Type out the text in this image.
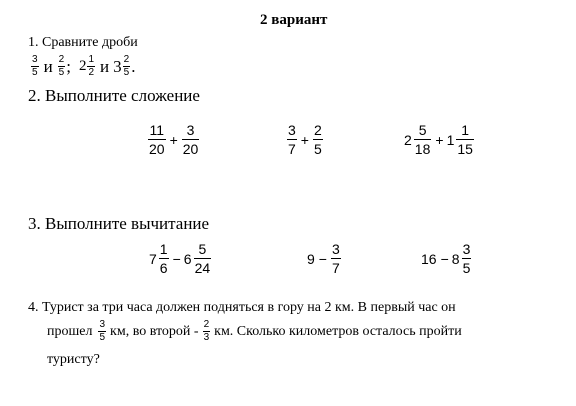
2 вариант
1. Сравните дроби
$\frac{3}{5}$ и $\frac{2}{5}$ ; $2 \frac{1}{2}$ и $3 \frac{2}{5}$ .
2. Выполните сложение
$\frac{11}{20} + \frac{3}{20}$	$\frac{3}{7} + \frac{2}{5}$	$2 \frac{5}{18} + 1 \frac{1}{15}$
3. Выполните вычитание
$7 \frac{1}{6} - 6 \frac{5}{24}$	$9 - \frac{3}{7}$	$16 - 8 \frac{3}{5}$
4. Турист за три часа должен подняться в гору на 2 км. В первый час он
прошел $\frac{3}{5}$ км, во второй - $\frac{2}{3}$ км. Сколько километров осталось пройти
туристу?
